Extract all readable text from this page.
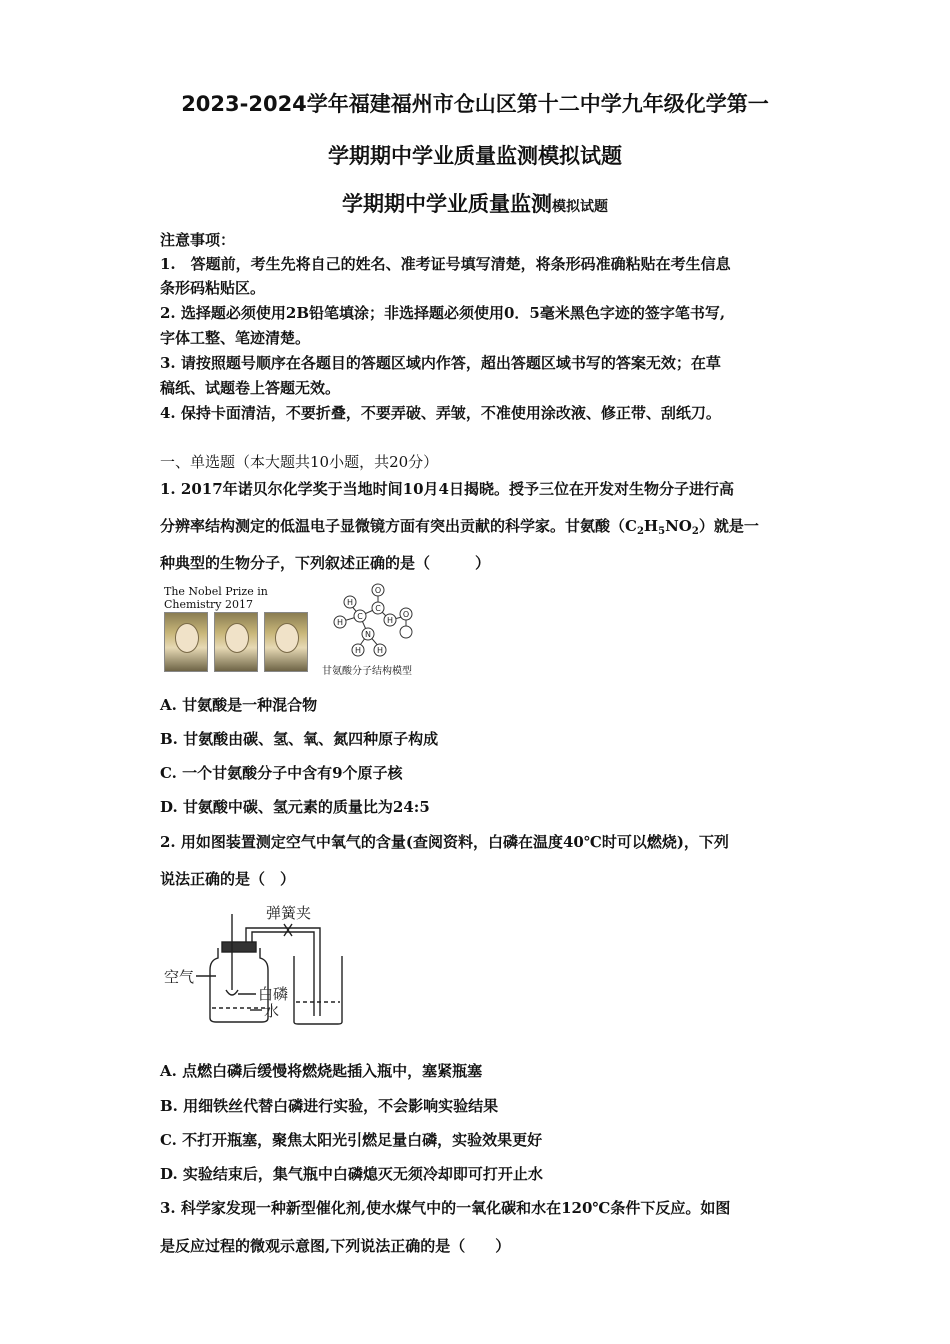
2023-2024学年福建福州市仓山区第十二中学九年级化学第一
学期期中学业质量监测模拟试题
学期期中学业质量监测模拟试题
注意事项：
1.　答题前，考生先将自己的姓名、准考证号填写清楚，将条形码准确粘贴在考生信息
条形码粘贴区。
2. 选择题必须使用2B铅笔填涂；非选择题必须使用0．5毫米黑色字迹的签字笔书写,
字体工整、笔迹清楚。
3. 请按照题号顺序在各题目的答题区域内作答，超出答题区域书写的答案无效；在草
稿纸、试题卷上答题无效。
4. 保持卡面清洁，不要折叠，不要弄破、弄皱，不准使用涂改液、修正带、刮纸刀。
一、单选题（本大题共10小题，共20分）
1. 2017年诺贝尔化学奖于当地时间10月4日揭晓。授予三位在开发对生物分子进行高
分辨率结构测定的低温电子显微镜方面有突出贡献的科学家。甘氨酸$(C_2H_5NO_2)$就是一
种典型的生物分子，下列叙述正确的是（　　　）
The Nobel Prize in
Chemistry 2017
O
C
H
C
H
O
H
N
H H
甘氨酸分子结构模型
A. 甘氨酸是一种混合物
B. 甘氨酸由碳、氢、氧、氮四种原子构成
C. 一个甘氨酸分子中含有9个原子核
D. 甘氨酸中碳、氢元素的质量比为24:5
2. 用如图装置测定空气中氧气的含量(查阅资料，白磷在温度40℃时可以燃烧)，下列
说法正确的是（　）
弹簧夹
空气
白磷
水
A. 点燃白磷后缓慢将燃烧匙插入瓶中，塞紧瓶塞
B. 用细铁丝代替白磷进行实验，不会影响实验结果
C. 不打开瓶塞，聚焦太阳光引燃足量白磷，实验效果更好
D. 实验结束后，集气瓶中白磷熄灭无须冷却即可打开止水
3. 科学家发现一种新型催化剂,使水煤气中的一氧化碳和水在120℃条件下反应。如图
是反应过程的微观示意图,下列说法正确的是（　　）
